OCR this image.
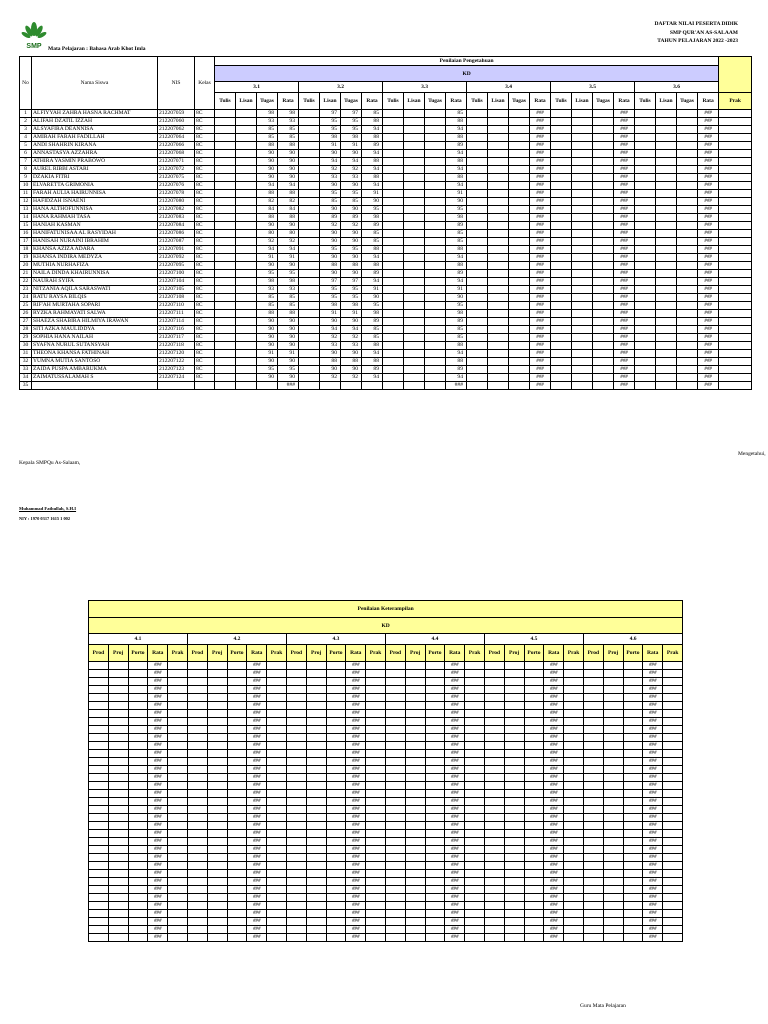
SMP Mata Pelajaran : Bahasa Arab Khot Imla
DAFTAR NILAI PESERTA DIDIK
SMP QUR'AN AS-SALAAM
TAHUN PELAJARAN 2022 -2023
No	Nama Siswa	NIS	Kelas	Penilaian Pengetahuan																								
				KD																								
				3.1				3.2				3.3				3.4				3.5				3.6				
				Tulis	Lisan	Tugas	Rata	Tulis	Lisan	Tugas	Rata	Tulis	Lisan	Tugas	Rata	Tulis	Lisan	Tugas	Rata	Tulis	Lisan	Tugas	Rata	Tulis	Lisan	Tugas	Rata	Prak
1	ALFIYYAH ZAHRA HASNA RACHMAT	212207059	8C			98	98		97	97	85				85				###				###				###	
2	ALIFAH DZATIL IZZAH	212207060	8C			93	93		95	95	88				88				###				###				###	
3	ALSYAFIRA DEANNISA	212207062	8C			85	85		95	95	94				94				###				###				###	
4	AMIRAH FARAH FADILLAH	212207064	8C			85	85		98	98	88				88				###				###				###	
5	ANDI SHAHRIN KIRANA	212207066	8C			88	88		91	91	89				89				###				###				###	
6	ANNASTASYA AZZAHRA	212207068	8C			90	90		90	90	94				94				###				###				###	
7	ATHIRA YASMIN PRABOWO	212207071	8C			90	90		94	94	88				88				###				###				###	
8	AUREL RIBBI ASTARI	212207072	8C			90	90		92	92	94				94				###				###				###	
9	DZAKIA FITRI	212207075	8C			90	90		93	93	88				88				###				###				###	
10	ELVARETTA GRIMONIA	212207076	8C			94	94		90	90	94				94				###				###				###	
11	FARAH AULIA HAIRUNNISA	212207078	8C			88	88		95	95	91				91				###				###				###	
12	HAFIDZAH ISNAENI	212207080	8C			82	82		85	85	90				90				###				###				###	
13	HANA ALTHOFUNNISA	212207082	8C			84	84		90	90	95				95				###				###				###	
14	HANA RAHMAH TASA	212207083	8C			88	88		89	89	98				98				###				###				###	
15	HANIAH KASMAN	212207084	8C			90	90		92	92	89				89				###				###				###	
16	HANIFATUNISAA AL RASYIDAH	212207086	8C			80	80		90	90	85				85				###				###				###	
17	HANISAH NURAINI IBRAHIM	212207087	8C			92	92		90	90	85				85				###				###				###	
18	KHANSA AZIZA ADARA	212207091	8C			94	94		95	95	88				88				###				###				###	
19	KHANSA INDIRA MEDYZA	212207092	8C			91	91		90	90	94				94				###				###				###	
20	MUTHIA NURHAFIZA	212207095	8C			90	90		88	88	88				88				###				###				###	
21	NAILA DINDA KHAIRUNNISA	212207100	8C			95	95		90	90	89				89				###				###				###	
22	NAURAH SYIFA	212207104	8C			98	98		97	97	94				94				###				###				###	
23	NITZANIA AQILA SARASWATI	212207105	8C			93	93		95	95	91				91				###				###				###	
24	RATU RAYSA BILQIS	212207108	8C			85	85		95	95	90				90				###				###				###	
25	RIF'AH MURTAHA SOPARI	212207110	8C			85	85		98	98	95				95				###				###				###	
26	RYZKA RAHMAYATI SALWA	212207111	8C			88	88		91	91	98				98				###				###				###	
27	SHAEZA SHABIRA HILMIYA IRAWAN	212207114	8C			90	90		90	90	89				89				###				###				###	
28	SITI AZKA MAULIDDYA	212207116	8C			90	90		94	94	85				85				###				###				###	
29	SOPHIA HANA NAILAH	212207117	8C			90	90		92	92	85				85				###				###				###	
30	SYAFNA NURUL SUTANSYAH	212207118	8C			90	90		93	93	88				88				###				###				###	
31	THEONA KHANSA FATHINAH	212207120	8C			91	91		90	90	94				94				###				###				###	
32	YUMNA MUTIA SANTOSO	212207122	8C			90	90		88	88	88				88				###				###				###	
33	ZAIDA PUSPA AMBARUKMA	212207123	8C			95	95		90	90	89				89				###				###				###	
34	ZAIMATUSSALAMAH S	212207124	8C			90	90		92	92	94				94				###				###				###	
35							###								###				###				###				###	
Mengetahui,
Kepala SMPQu As-Salaam,
Muhammad Fathullah, S.H.I
NIY : 1970 0317 1615 1 002
Penilaian Keterampilan																													
KD																													
4.1					4.2					4.3					4.4					4.5					4.6				
Prod	Proj	Porto	Rata	Prak	Prod	Proj	Porto	Rata	Prak	Prod	Proj	Porto	Rata	Prak	Prod	Proj	Porto	Rata	Prak	Prod	Proj	Porto	Rata	Prak	Prod	Proj	Porto	Rata	Prak
			###					###					###					###					###					###	
			###					###					###					###					###					###	
			###					###					###					###					###					###	
			###					###					###					###					###					###	
			###					###					###					###					###					###	
			###					###					###					###					###					###	
			###					###					###					###					###					###	
			###					###					###					###					###					###	
			###					###					###					###					###					###	
			###					###					###					###					###					###	
			###					###					###					###					###					###	
			###					###					###					###					###					###	
			###					###					###					###					###					###	
			###					###					###					###					###					###	
			###					###					###					###					###					###	
			###					###					###					###					###					###	
			###					###					###					###					###					###	
			###					###					###					###					###					###	
			###					###					###					###					###					###	
			###					###					###					###					###					###	
			###					###					###					###					###					###	
			###					###					###					###					###					###	
			###					###					###					###					###					###	
			###					###					###					###					###					###	
			###					###					###					###					###					###	
			###					###					###					###					###					###	
			###					###					###					###					###					###	
			###					###					###					###					###					###	
			###					###					###					###					###					###	
			###					###					###					###					###					###	
			###					###					###					###					###					###	
			###					###					###					###					###					###	
			###					###					###					###					###					###	
			###					###					###					###					###					###	
			###					###					###					###					###					###	
Guru Mata Pelajaran
